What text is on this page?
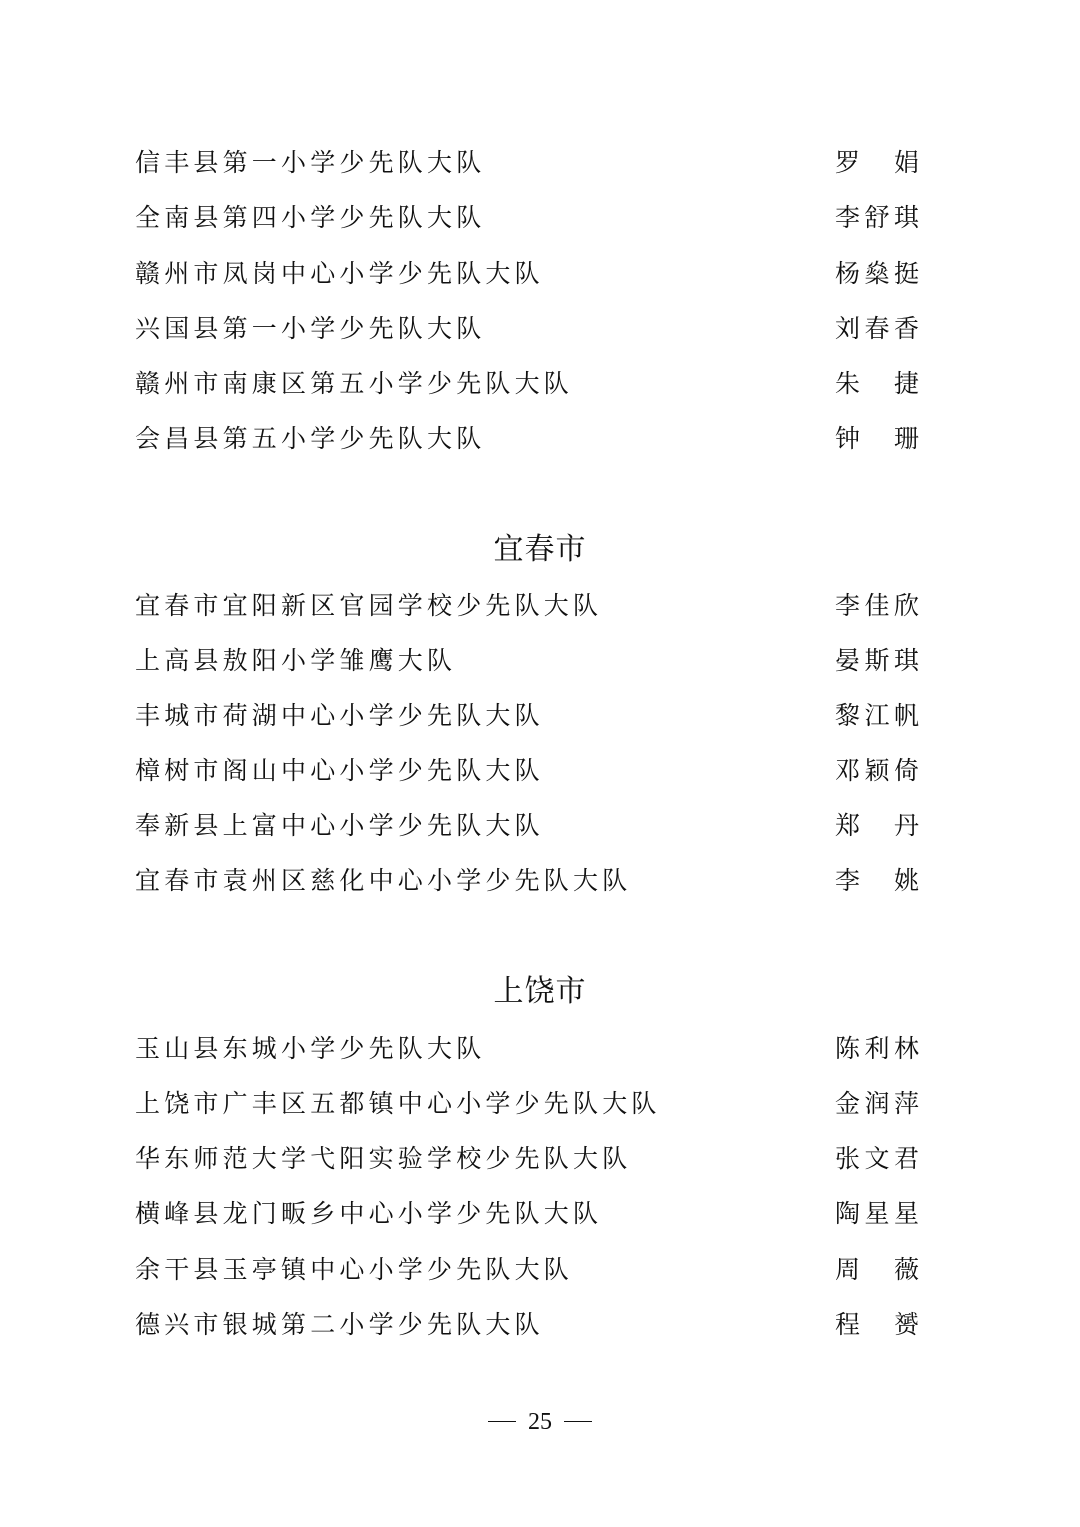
信丰县第一小学少先队大队	罗 娟
全南县第四小学少先队大队	李舒琪
赣州市凤岗中心小学少先队大队	杨燊挺
兴国县第一小学少先队大队	刘春香
赣州市南康区第五小学少先队大队	朱 捷
会昌县第五小学少先队大队	钟 珊
宜春市
宜春市宜阳新区官园学校少先队大队	李佳欣
上高县敖阳小学雏鹰大队	晏斯琪
丰城市荷湖中心小学少先队大队	黎江帆
樟树市阁山中心小学少先队大队	邓颖倚
奉新县上富中心小学少先队大队	郑 丹
宜春市袁州区慈化中心小学少先队大队	李 姚
上饶市
玉山县东城小学少先队大队	陈利林
上饶市广丰区五都镇中心小学少先队大队	金润萍
华东师范大学弋阳实验学校少先队大队	张文君
横峰县龙门畈乡中心小学少先队大队	陶星星
余干县玉亭镇中心小学少先队大队	周 薇
德兴市银城第二小学少先队大队	程 赟
25
